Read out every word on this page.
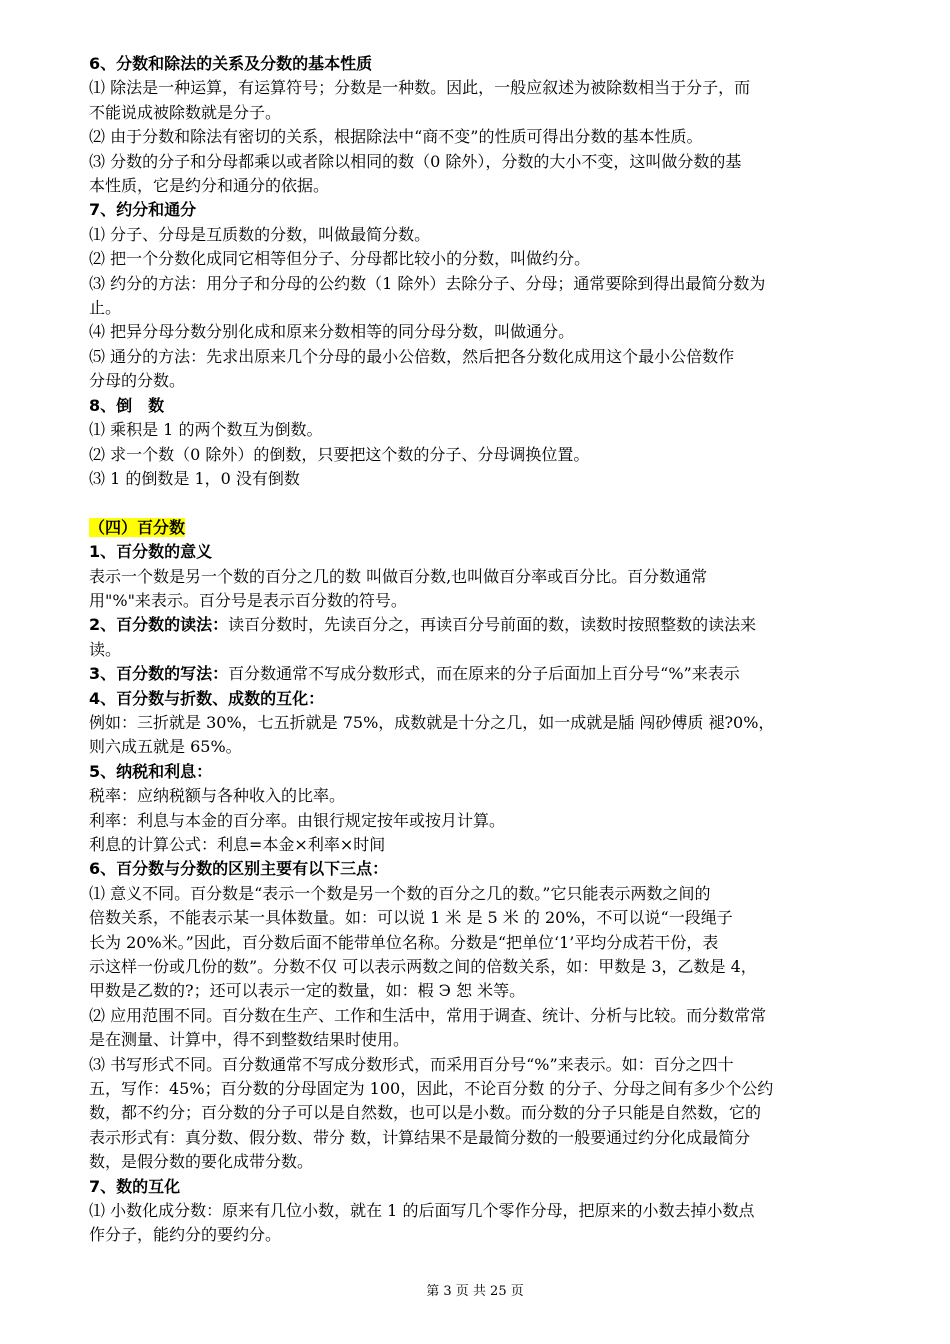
6、分数和除法的关系及分数的基本性质
⑴ 除法是一种运算，有运算符号；分数是一种数。因此，一般应叙述为被除数相当于分子，而
不能说成被除数就是分子。
⑵ 由于分数和除法有密切的关系，根据除法中“商不变”的性质可得出分数的基本性质。
⑶ 分数的分子和分母都乘以或者除以相同的数（0 除外），分数的大小不变，这叫做分数的基
本性质，它是约分和通分的依据。
7、约分和通分
⑴ 分子、分母是互质数的分数，叫做最简分数。
⑵ 把一个分数化成同它相等但分子、分母都比较小的分数，叫做约分。
⑶ 约分的方法：用分子和分母的公约数（1 除外）去除分子、分母；通常要除到得出最简分数为
止。
⑷ 把异分母分数分别化成和原来分数相等的同分母分数，叫做通分。
⑸ 通分的方法：先求出原来几个分母的最小公倍数，然后把各分数化成用这个最小公倍数作
分母的分数。
8、倒　数
⑴ 乘积是 1 的两个数互为倒数。
⑵ 求一个数（0 除外）的倒数，只要把这个数的分子、分母调换位置。
⑶ 1 的倒数是 1，0 没有倒数
（四）百分数
1、百分数的意义
表示一个数是另一个数的百分之几的数 叫做百分数,也叫做百分率或百分比。百分数通常
用"%"来表示。百分号是表示百分数的符号。
2、百分数的读法：读百分数时，先读百分之，再读百分号前面的数，读数时按照整数的读法来
读。
3、百分数的写法：百分数通常不写成分数形式，而在原来的分子后面加上百分号“%”来表示
4、百分数与折数、成数的互化：
例如：三折就是 30%，七五折就是 75%，成数就是十分之几，如一成就是牐 闯砂傅质 褪?0%，
则六成五就是 65%。
5、纳税和利息：
税率：应纳税额与各种收入的比率。
利率：利息与本金的百分率。由银行规定按年或按月计算。
利息的计算公式：利息=本金×利率×时间
6、百分数与分数的区别主要有以下三点：
⑴ 意义不同。百分数是“表示一个数是另一个数的百分之几的数。”它只能表示两数之间的
倍数关系，不能表示某一具体数量。如：可以说 1 米 是 5 米 的 20%，不可以说“一段绳子
长为 20%米。”因此，百分数后面不能带单位名称。分数是“把单位‘1’平均分成若干份，表
示这样一份或几份的数”。分数不仅 可以表示两数之间的倍数关系，如：甲数是 3，乙数是 4，
甲数是乙数的?；还可以表示一定的数量，如：椵 Э 恕 米等。
⑵ 应用范围不同。百分数在生产、工作和生活中，常用于调查、统计、分析与比较。而分数常常
是在测量、计算中，得不到整数结果时使用。
⑶ 书写形式不同。百分数通常不写成分数形式，而采用百分号“%”来表示。如：百分之四十
五，写作：45%；百分数的分母固定为 100，因此，不论百分数 的分子、分母之间有多少个公约
数，都不约分；百分数的分子可以是自然数，也可以是小数。而分数的分子只能是自然数，它的
表示形式有：真分数、假分数、带分 数，计算结果不是最简分数的一般要通过约分化成最简分
数，是假分数的要化成带分数。
7、数的互化
⑴ 小数化成分数：原来有几位小数，就在 1 的后面写几个零作分母，把原来的小数去掉小数点
作分子，能约分的要约分。
第 3 页 共 25 页
